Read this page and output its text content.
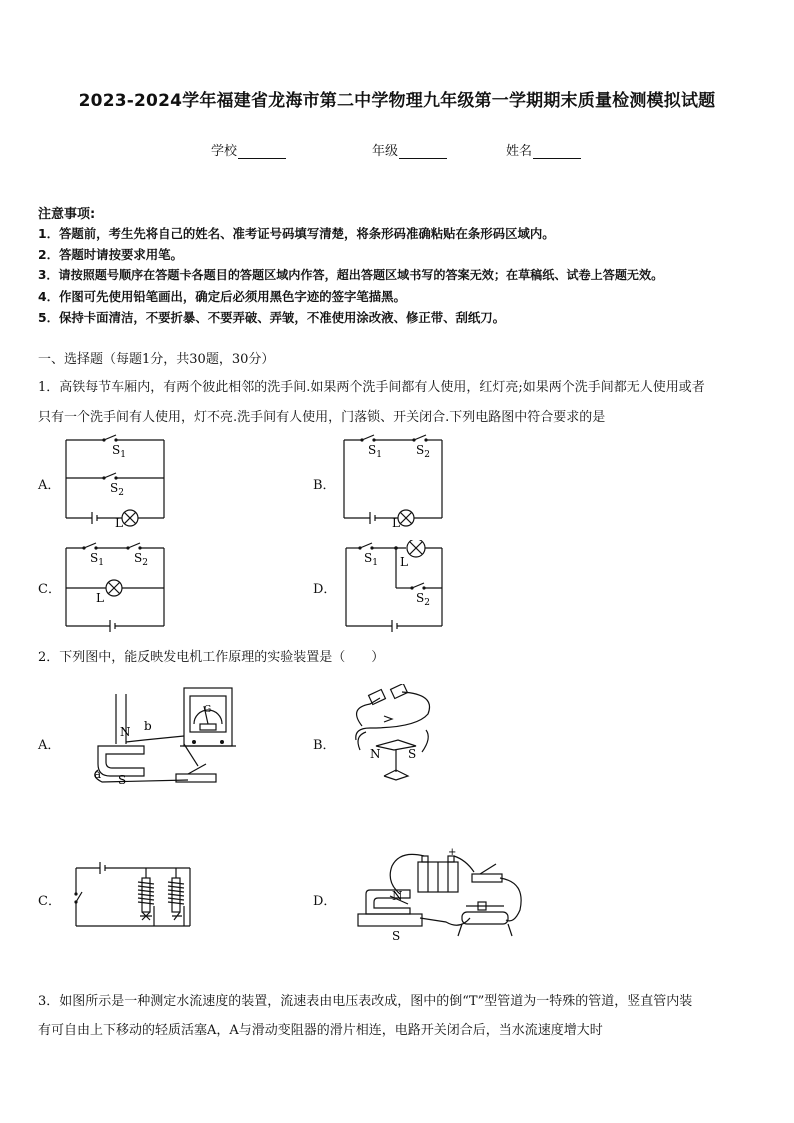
2023-2024学年福建省龙海市第二中学物理九年级第一学期期末质量检测模拟试题
学校	年级	姓名
注意事项:
1．答题前，考生先将自己的姓名、准考证号码填写清楚，将条形码准确粘贴在条形码区域内。
2．答题时请按要求用笔。
3．请按照题号顺序在答题卡各题目的答题区域内作答，超出答题区域书写的答案无效；在草稿纸、试卷上答题无效。
4．作图可先使用铅笔画出，确定后必须用黑色字迹的签字笔描黑。
5．保持卡面清洁，不要折暴、不要弄破、弄皱，不准使用涂改液、修正带、刮纸刀。
一、选择题（每题1分，共30题，30分）
1．高铁每节车厢内，有两个彼此相邻的洗手间.如果两个洗手间都有人使用，红灯亮;如果两个洗手间都无人使用或者
只有一个洗手间有人使用，灯不亮.洗手间有人使用，门落锁、开关闭合.下列电路图中符合要求的是
A．	B．
C．	D．
$S_1$
$S_2$
L
$S_1$	$S_2$
L
$S_1$	$S_2$
L
$S_1$ L
$S_2$
2．下列图中，能反映发电机工作原理的实验装置是（　　）
A．	B．
C．	D．
N b
a S
G
N S
N
S
+
3．如图所示是一种测定水流速度的装置，流速表由电压表改成，图中的倒“T”型管道为一特殊的管道，竖直管内装
有可自由上下移动的轻质活塞A，A与滑动变阻器的滑片相连，电路开关闭合后，当水流速度增大时
